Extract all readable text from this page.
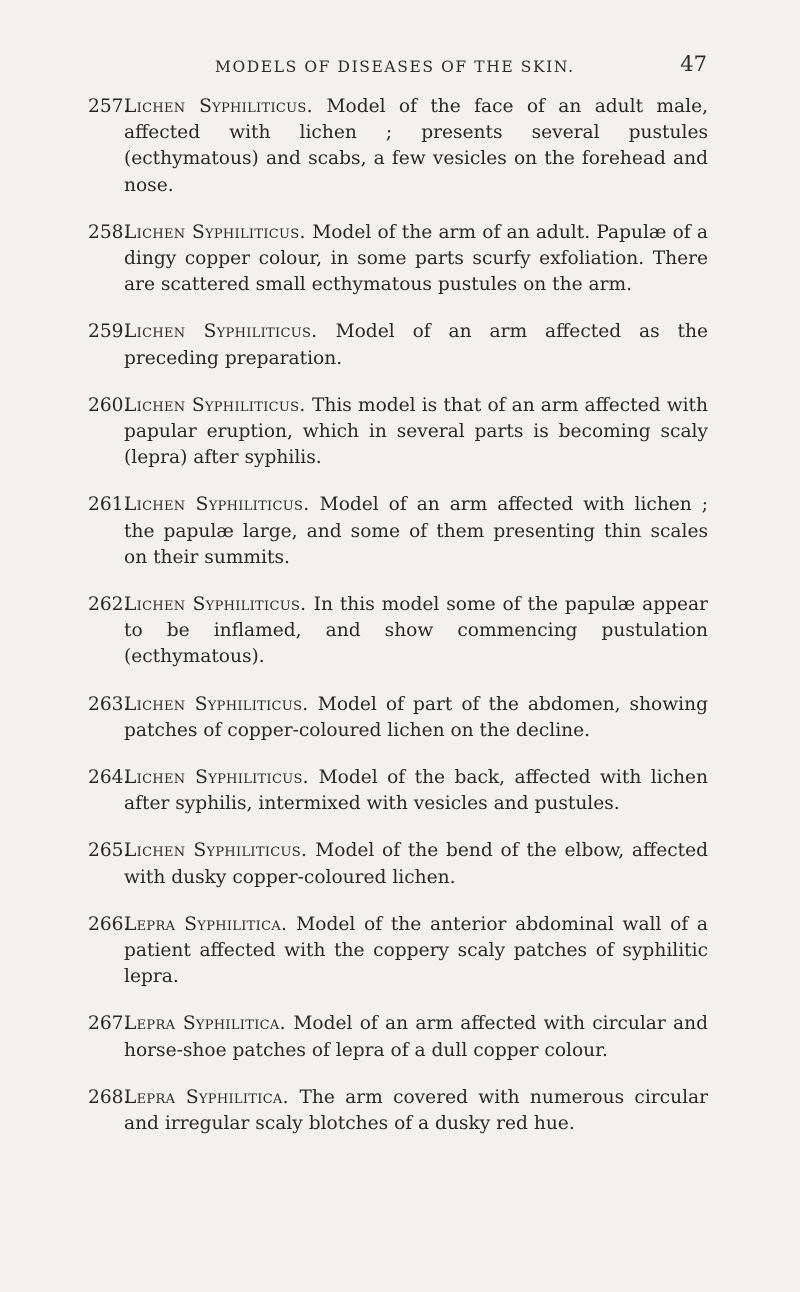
MODELS OF DISEASES OF THE SKIN.	47
257.
Lichen Syphiliticus. Model of the face of an adult male, affected with lichen ; presents several pustules (ecthymatous) and scabs, a few vesicles on the forehead and nose.
258.
Lichen Syphiliticus. Model of the arm of an adult. Papulæ of a dingy copper colour, in some parts scurfy exfoliation. There are scattered small ecthymatous pustules on the arm.
259.
Lichen Syphiliticus. Model of an arm affected as the preceding preparation.
260.
Lichen Syphiliticus. This model is that of an arm affected with papular eruption, which in several parts is becoming scaly (lepra) after syphilis.
261.
Lichen Syphiliticus. Model of an arm affected with lichen ; the papulæ large, and some of them presenting thin scales on their summits.
262.
Lichen Syphiliticus. In this model some of the papulæ appear to be inflamed, and show commencing pustulation (ecthymatous).
263.
Lichen Syphiliticus. Model of part of the abdomen, showing patches of copper-coloured lichen on the decline.
264.
Lichen Syphiliticus. Model of the back, affected with lichen after syphilis, intermixed with vesicles and pustules.
265.
Lichen Syphiliticus. Model of the bend of the elbow, affected with dusky copper-coloured lichen.
266.
Lepra Syphilitica. Model of the anterior abdominal wall of a patient affected with the coppery scaly patches of syphilitic lepra.
267.
Lepra Syphilitica. Model of an arm affected with circular and horse-shoe patches of lepra of a dull copper colour.
268.
Lepra Syphilitica. The arm covered with numerous circular and irregular scaly blotches of a dusky red hue.
